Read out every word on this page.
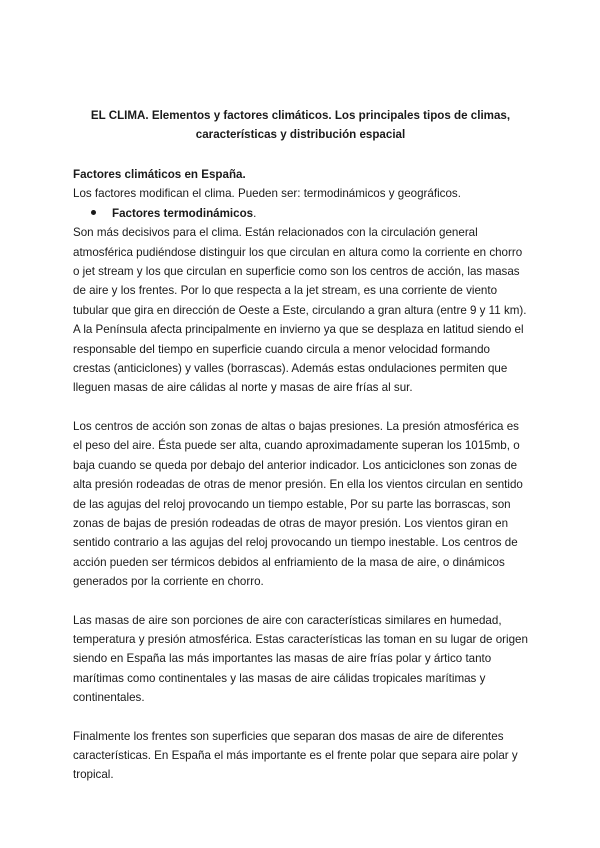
EL CLIMA. Elementos y factores climáticos. Los principales tipos de climas,
características y distribución espacial

Factores climáticos en España.

Los factores modifican el clima. Pueden ser: termodinámicos y geográficos.

Factores termodinámicos.

Son más decisivos para el clima. Están relacionados con la circulación general atmosférica pudiéndose distinguir los que circulan en altura como la corriente en chorro o jet stream y los que circulan en superficie como son los centros de acción, las masas de aire y los frentes. Por lo que respecta a la jet stream, es una corriente de viento tubular que gira en dirección de Oeste a Este, circulando a gran altura (entre 9 y 11 km). A la Península afecta principalmente en invierno ya que se desplaza en latitud siendo el responsable del tiempo en superficie cuando circula a menor velocidad formando crestas (anticiclones) y valles (borrascas). Además estas ondulaciones permiten que lleguen masas de aire cálidas al norte y masas de aire frías al sur.

Los centros de acción son zonas de altas o bajas presiones. La presión atmosférica es el peso del aire. Ésta puede ser alta, cuando aproximadamente superan los 1015mb, o baja cuando se queda por debajo del anterior indicador. Los anticiclones son zonas de alta presión rodeadas de otras de menor presión. En ella los vientos circulan en sentido de las agujas del reloj provocando un tiempo estable, Por su parte las borrascas, son zonas de bajas de presión rodeadas de otras de mayor presión. Los vientos giran en sentido contrario a las agujas del reloj provocando un tiempo inestable. Los centros de acción pueden ser térmicos debidos al enfriamiento de la masa de aire, o dinámicos generados por la corriente en chorro.

Las masas de aire son porciones de aire con características similares en humedad, temperatura y presión atmosférica. Estas características las toman en su lugar de origen siendo en España las más importantes las masas de aire frías polar y ártico tanto marítimas como continentales y las masas de aire cálidas tropicales marítimas y continentales.

Finalmente los frentes son superficies que separan dos masas de aire de diferentes características. En España el más importante es el frente polar que separa aire polar y tropical.
